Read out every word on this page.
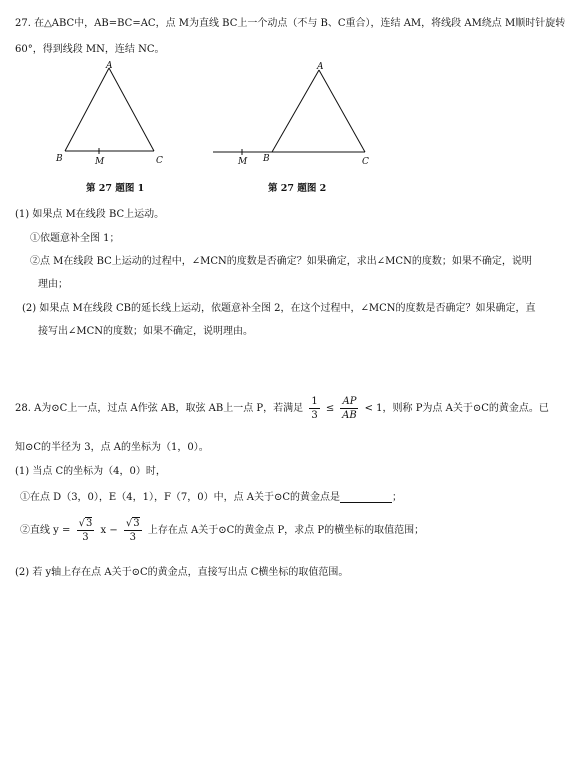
27. 在△ABC中，AB=BC=AC，点 M为直线 BC上一个动点（不与 B、C重合），连结 AM，将线段 AM绕点 M顺时针旋转
60°，得到线段 MN，连结 NC。
A
B	C
M
第 27 题图 1
A
B	C
M
第 27 题图 2
(1) 如果点 M在线段 BC上运动。
①依题意补全图 1；
②点 M在线段 BC上运动的过程中，∠MCN的度数是否确定？如果确定，求出∠MCN的度数；如果不确定，说明
理由；
(2) 如果点 M在线段 CB的延长线上运动，依题意补全图 2，在这个过程中，∠MCN的度数是否确定？如果确定，直
接写出∠MCN的度数；如果不确定，说明理由。
28. A为⊙C上一点，过点 A作弦 AB，取弦 AB上一点 P，若满足 $\frac{1}{3} \le \frac{AP}{AB} < 1$，则称 P为点 A关于⊙C的黄金点。已
知⊙C的半径为 3，点 A的坐标为（1，0）。
(1) 当点 C的坐标为（4，0）时，
①在点 D（3，0），E（4，1），F（7，0）中，点 A关于⊙C的黄金点是	；
②直线 $y = \frac{√3}{3}$ $x - \frac{√3}{3}$ 上存在点 A关于⊙C的黄金点 P，求点 P的横坐标的取值范围；
(2) 若 y轴上存在点 A关于⊙C的黄金点，直接写出点 C横坐标的取值范围。
